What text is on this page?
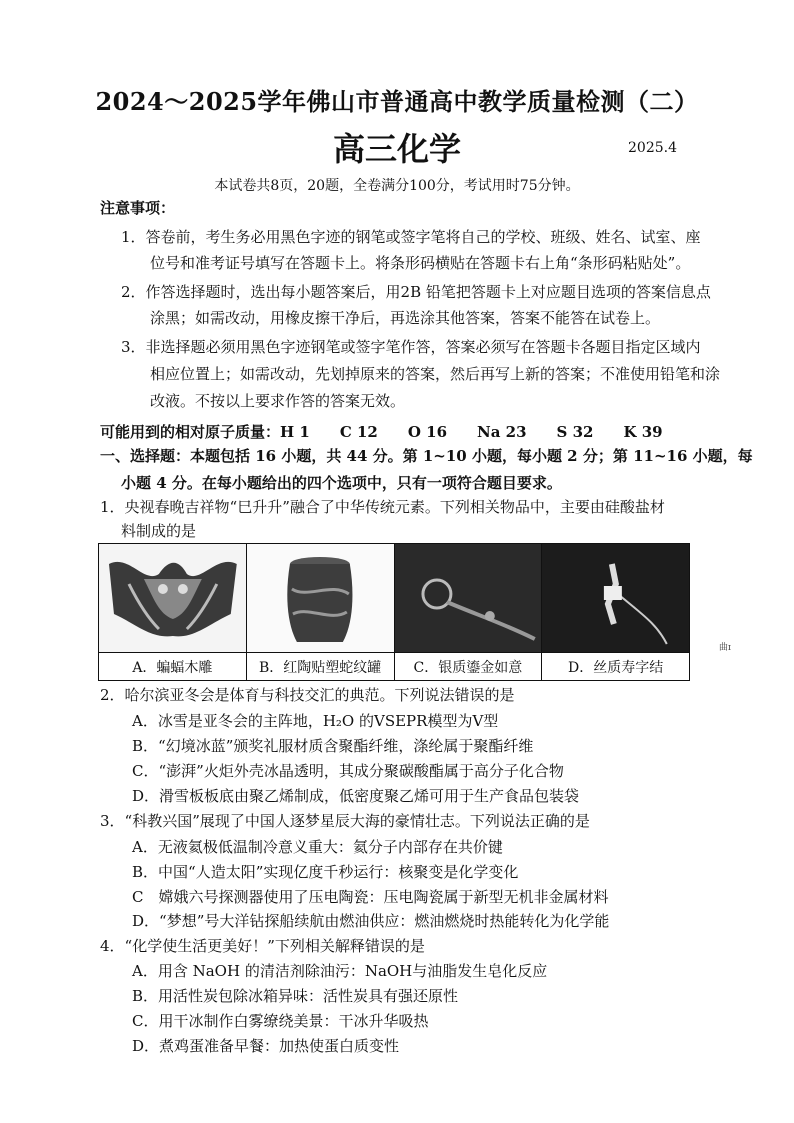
2024～2025学年佛山市普通高中教学质量检测（二）
高三化学	2025.4
本试卷共8页，20题，全卷满分100分，考试用时75分钟。
注意事项：
1．答卷前，考生务必用黑色字迹的钢笔或签字笔将自己的学校、班级、姓名、试室、座
位号和准考证号填写在答题卡上。将条形码横贴在答题卡右上角“条形码粘贴处”。
2．作答选择题时，选出每小题答案后，用2B 铅笔把答题卡上对应题目选项的答案信息点
涂黑；如需改动，用橡皮擦干净后，再选涂其他答案，答案不能答在试卷上。
3．非选择题必须用黑色字迹钢笔或签字笔作答，答案必须写在答题卡各题目指定区域内
相应位置上；如需改动，先划掉原来的答案，然后再写上新的答案；不准使用铅笔和涂
改液。不按以上要求作答的答案无效。
可能用到的相对原子质量：H 1　　C 12　　O 16　　Na 23　　S 32　　K 39
一、选择题：本题包括 16 小题，共 44 分。第 1~10 小题，每小题 2 分；第 11~16 小题，每
小题 4 分。在每小题给出的四个选项中，只有一项符合题目要求。
1．央视春晚吉祥物“巳升升”融合了中华传统元素。下列相关物品中，主要由硅酸盐材
料制成的是
A．蝙蝠木雕	B．红陶贴塑蛇纹罐	C．银质鎏金如意	D．丝质寿字结
曲ɪ
2．哈尔滨亚冬会是体育与科技交汇的典范。下列说法错误的是
A．冰雪是亚冬会的主阵地，H₂O 的VSEPR模型为V型
B．“幻境冰蓝”颁奖礼服材质含聚酯纤维，涤纶属于聚酯纤维
C．“澎湃”火炬外壳冰晶透明，其成分聚碳酸酯属于高分子化合物
D．滑雪板板底由聚乙烯制成，低密度聚乙烯可用于生产食品包装袋
3．“科教兴国”展现了中国人逐梦星辰大海的豪情壮志。下列说法正确的是
A．无液氦极低温制冷意义重大：氦分子内部存在共价键
B．中国“人造太阳”实现亿度千秒运行：核聚变是化学变化
C　嫦娥六号探测器使用了压电陶瓷：压电陶瓷属于新型无机非金属材料
D．“梦想”号大洋钻探船续航由燃油供应：燃油燃烧时热能转化为化学能
4．“化学使生活更美好！”下列相关解释错误的是
A．用含 NaOH 的清洁剂除油污：NaOH与油脂发生皂化反应
B．用活性炭包除冰箱异味：活性炭具有强还原性
C．用干冰制作白雾缭绕美景：干冰升华吸热
D．煮鸡蛋准备早餐：加热使蛋白质变性
